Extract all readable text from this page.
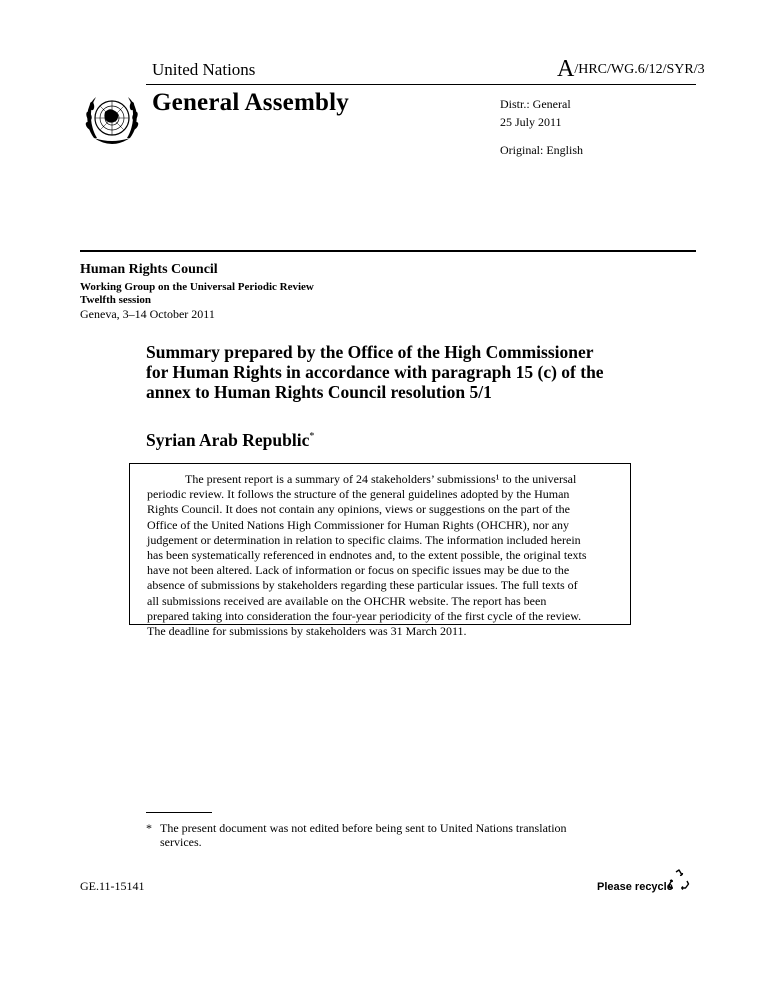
United Nations	A/HRC/WG.6/12/SYR/3
General Assembly	Distr.: General
25 July 2011
Original: English
Human Rights Council
Working Group on the Universal Periodic Review
Twelfth session
Geneva, 3–14 October 2011
Summary prepared by the Office of the High Commissioner
for Human Rights in accordance with paragraph 15 (c) of the
annex to Human Rights Council resolution 5/1
Syrian Arab Republic*
The present report is a summary of 24 stakeholders’ submissions¹ to the universal
periodic review. It follows the structure of the general guidelines adopted by the Human
Rights Council. It does not contain any opinions, views or suggestions on the part of the
Office of the United Nations High Commissioner for Human Rights (OHCHR), nor any
judgement or determination in relation to specific claims. The information included herein
has been systematically referenced in endnotes and, to the extent possible, the original texts
have not been altered. Lack of information or focus on specific issues may be due to the
absence of submissions by stakeholders regarding these particular issues. The full texts of
all submissions received are available on the OHCHR website. The report has been
prepared taking into consideration the four-year periodicity of the first cycle of the review.
The deadline for submissions by stakeholders was 31 March 2011.
* The present document was not edited before being sent to United Nations translation
services.
GE.11-15141	Please recycle
